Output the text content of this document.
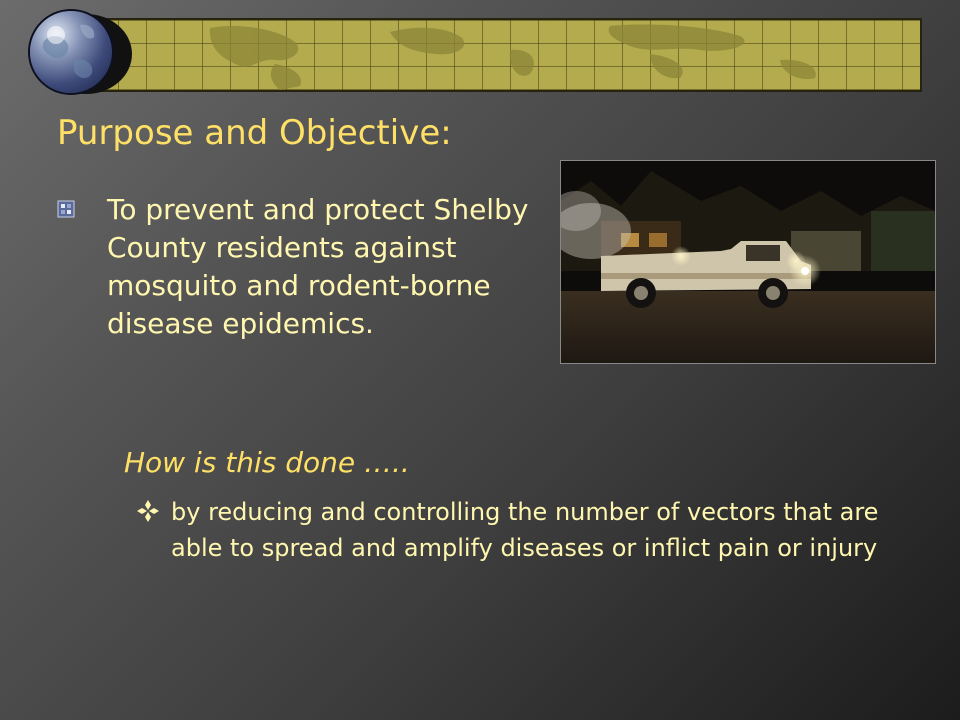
Purpose and Objective:

To prevent and protect Shelby County residents against mosquito and rodent-borne disease epidemics.

How is this done …..

by reducing and controlling the number of vectors that are able to spread and amplify diseases or inflict pain or injury
